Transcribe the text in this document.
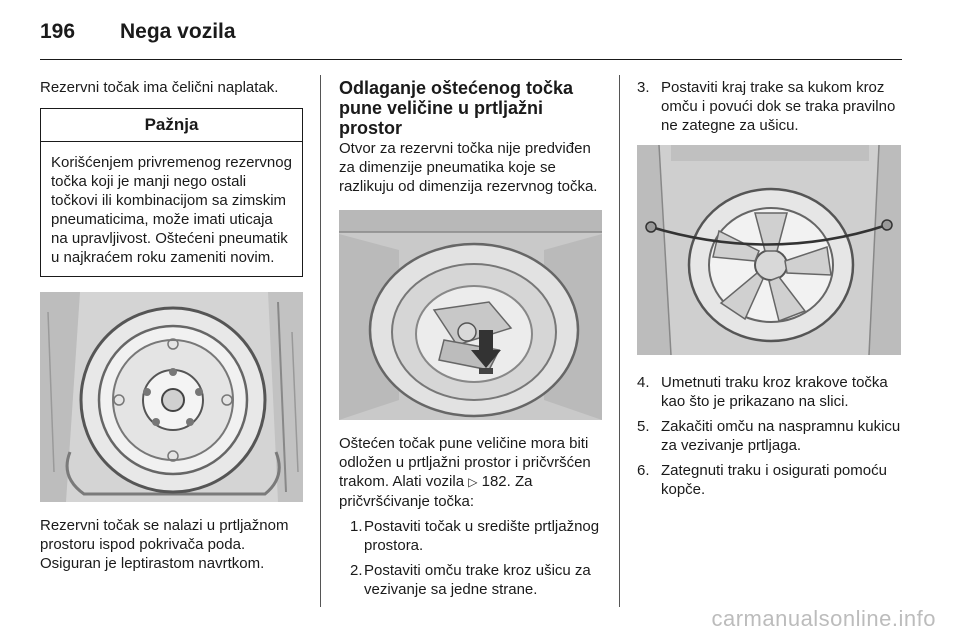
196 Nega vozila

Rezervni točak ima čelični naplatak.

Pažnja
Korišćenjem privremenog rezervnog točka koji je manji nego ostali točkovi ili kombinacijom sa zimskim pneumaticima, može imati uticaja na upravljivost. Oštećeni pneumatik u najkraćem roku zameniti novim.

Rezervni točak se nalazi u prtljažnom prostoru ispod pokrivača poda. Osiguran je leptirastom navrtkom.

Odlaganje oštećenog točka pune veličine u prtljažni prostor

Otvor za rezervni točka nije predviđen za dimenzije pneumatika koje se razlikuju od dimenzija rezervnog točka.

Oštećen točak pune veličine mora biti odložen u prtljažni prostor i pričvršćen trakom. Alati vozila ▷ 182. Za pričvršćivanje točka:

1. Postaviti točak u središte prtljažnog prostora.
2. Postaviti omču trake kroz ušicu za vezivanje sa jedne strane.
3. Postaviti kraj trake sa kukom kroz omču i povući dok se traka pravilno ne zategne za ušicu.
4. Umetnuti traku kroz krakove točka kao što je prikazano na slici.
5. Zakačiti omču na naspramnu kukicu za vezivanje prtljaga.
6. Zategnuti traku i osigurati pomoću kopče.
carmanualsonline.info
